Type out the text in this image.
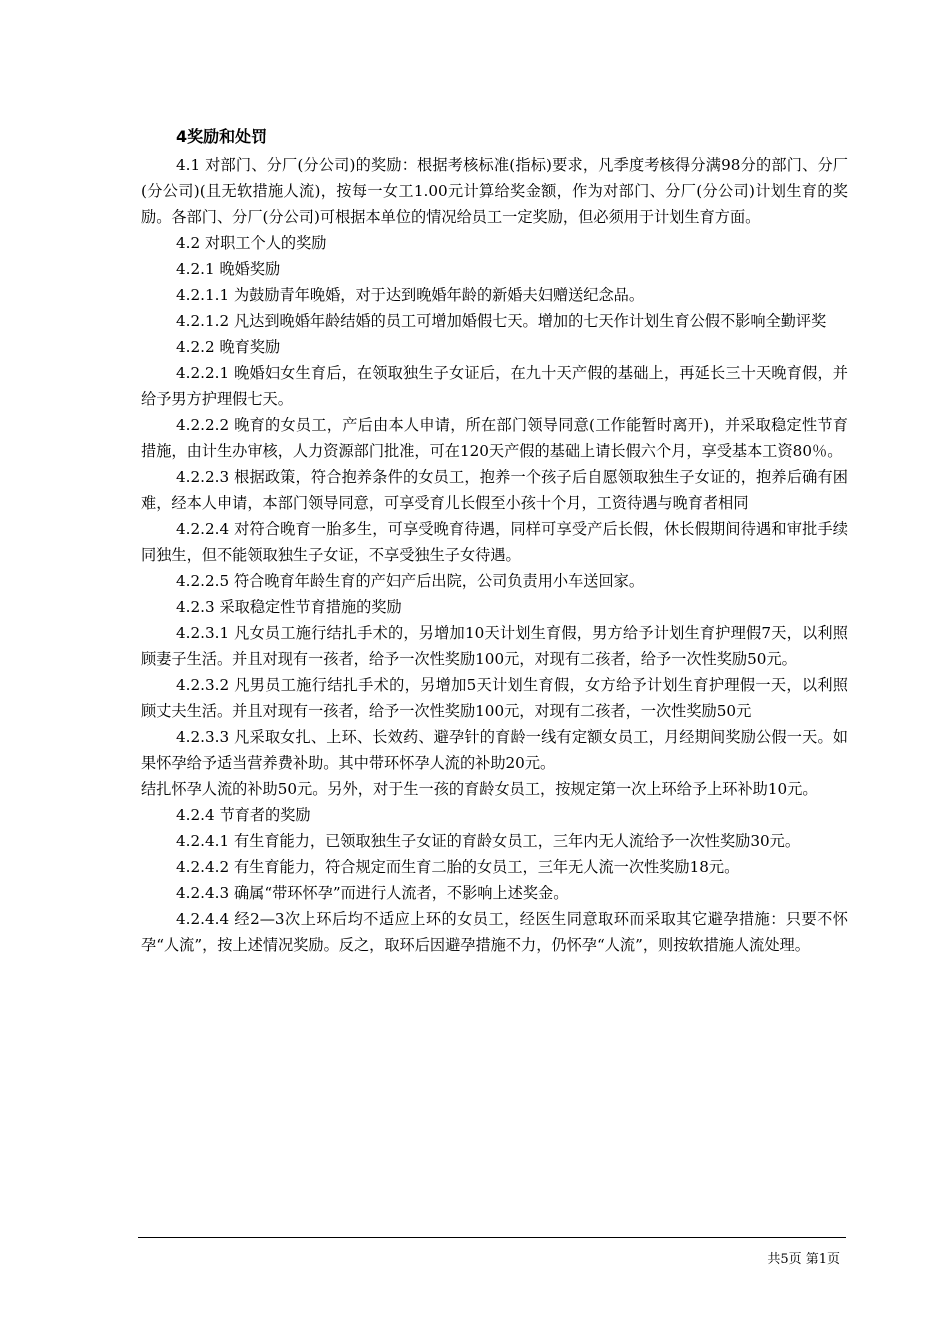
4奖励和处罚

4.1 对部门、分厂(分公司)的奖励：根据考核标准(指标)要求，凡季度考核得分满98分的部门、分厂(分公司)(且无软措施人流)，按每一女工1.00元计算给奖金额，作为对部门、分厂(分公司)计划生育的奖励。各部门、分厂(分公司)可根据本单位的情况给员工一定奖励，但必须用于计划生育方面。

4.2 对职工个人的奖励

4.2.1 晚婚奖励

4.2.1.1 为鼓励青年晚婚，对于达到晚婚年龄的新婚夫妇赠送纪念品。

4.2.1.2 凡达到晚婚年龄结婚的员工可增加婚假七天。增加的七天作计划生育公假不影响全勤评奖

4.2.2 晚育奖励

4.2.2.1 晚婚妇女生育后，在领取独生子女证后，在九十天产假的基础上，再延长三十天晚育假，并给予男方护理假七天。

4.2.2.2 晚育的女员工，产后由本人申请，所在部门领导同意(工作能暂时离开)，并采取稳定性节育措施，由计生办审核，人力资源部门批准，可在120天产假的基础上请长假六个月，享受基本工资80％。

4.2.2.3 根据政策，符合抱养条件的女员工，抱养一个孩子后自愿领取独生子女证的，抱养后确有困难，经本人申请，本部门领导同意，可享受育儿长假至小孩十个月，工资待遇与晚育者相同

4.2.2.4 对符合晚育一胎多生，可享受晚育待遇，同样可享受产后长假，休长假期间待遇和审批手续同独生，但不能领取独生子女证，不享受独生子女待遇。

4.2.2.5 符合晚育年龄生育的产妇产后出院，公司负责用小车送回家。

4.2.3 采取稳定性节育措施的奖励

4.2.3.1 凡女员工施行结扎手术的，另增加10天计划生育假，男方给予计划生育护理假7天，以利照顾妻子生活。并且对现有一孩者，给予一次性奖励100元，对现有二孩者，给予一次性奖励50元。

4.2.3.2 凡男员工施行结扎手术的，另增加5天计划生育假，女方给予计划生育护理假一天，以利照顾丈夫生活。并且对现有一孩者，给予一次性奖励100元，对现有二孩者，一次性奖励50元

4.2.3.3 凡采取女扎、上环、长效药、避孕针的育龄一线有定额女员工，月经期间奖励公假一天。如果怀孕给予适当营养费补助。其中带环怀孕人流的补助20元。

结扎怀孕人流的补助50元。另外，对于生一孩的育龄女员工，按规定第一次上环给予上环补助10元。

4.2.4 节育者的奖励

4.2.4.1 有生育能力，已领取独生子女证的育龄女员工，三年内无人流给予一次性奖励30元。

4.2.4.2 有生育能力，符合规定而生育二胎的女员工，三年无人流一次性奖励18元。

4.2.4.3 确属“带环怀孕”而进行人流者，不影响上述奖金。

4.2.4.4 经2—3次上环后均不适应上环的女员工，经医生同意取环而采取其它避孕措施：只要不怀孕“人流”，按上述情况奖励。反之，取环后因避孕措施不力，仍怀孕“人流”，则按软措施人流处理。

共5页 第1页
